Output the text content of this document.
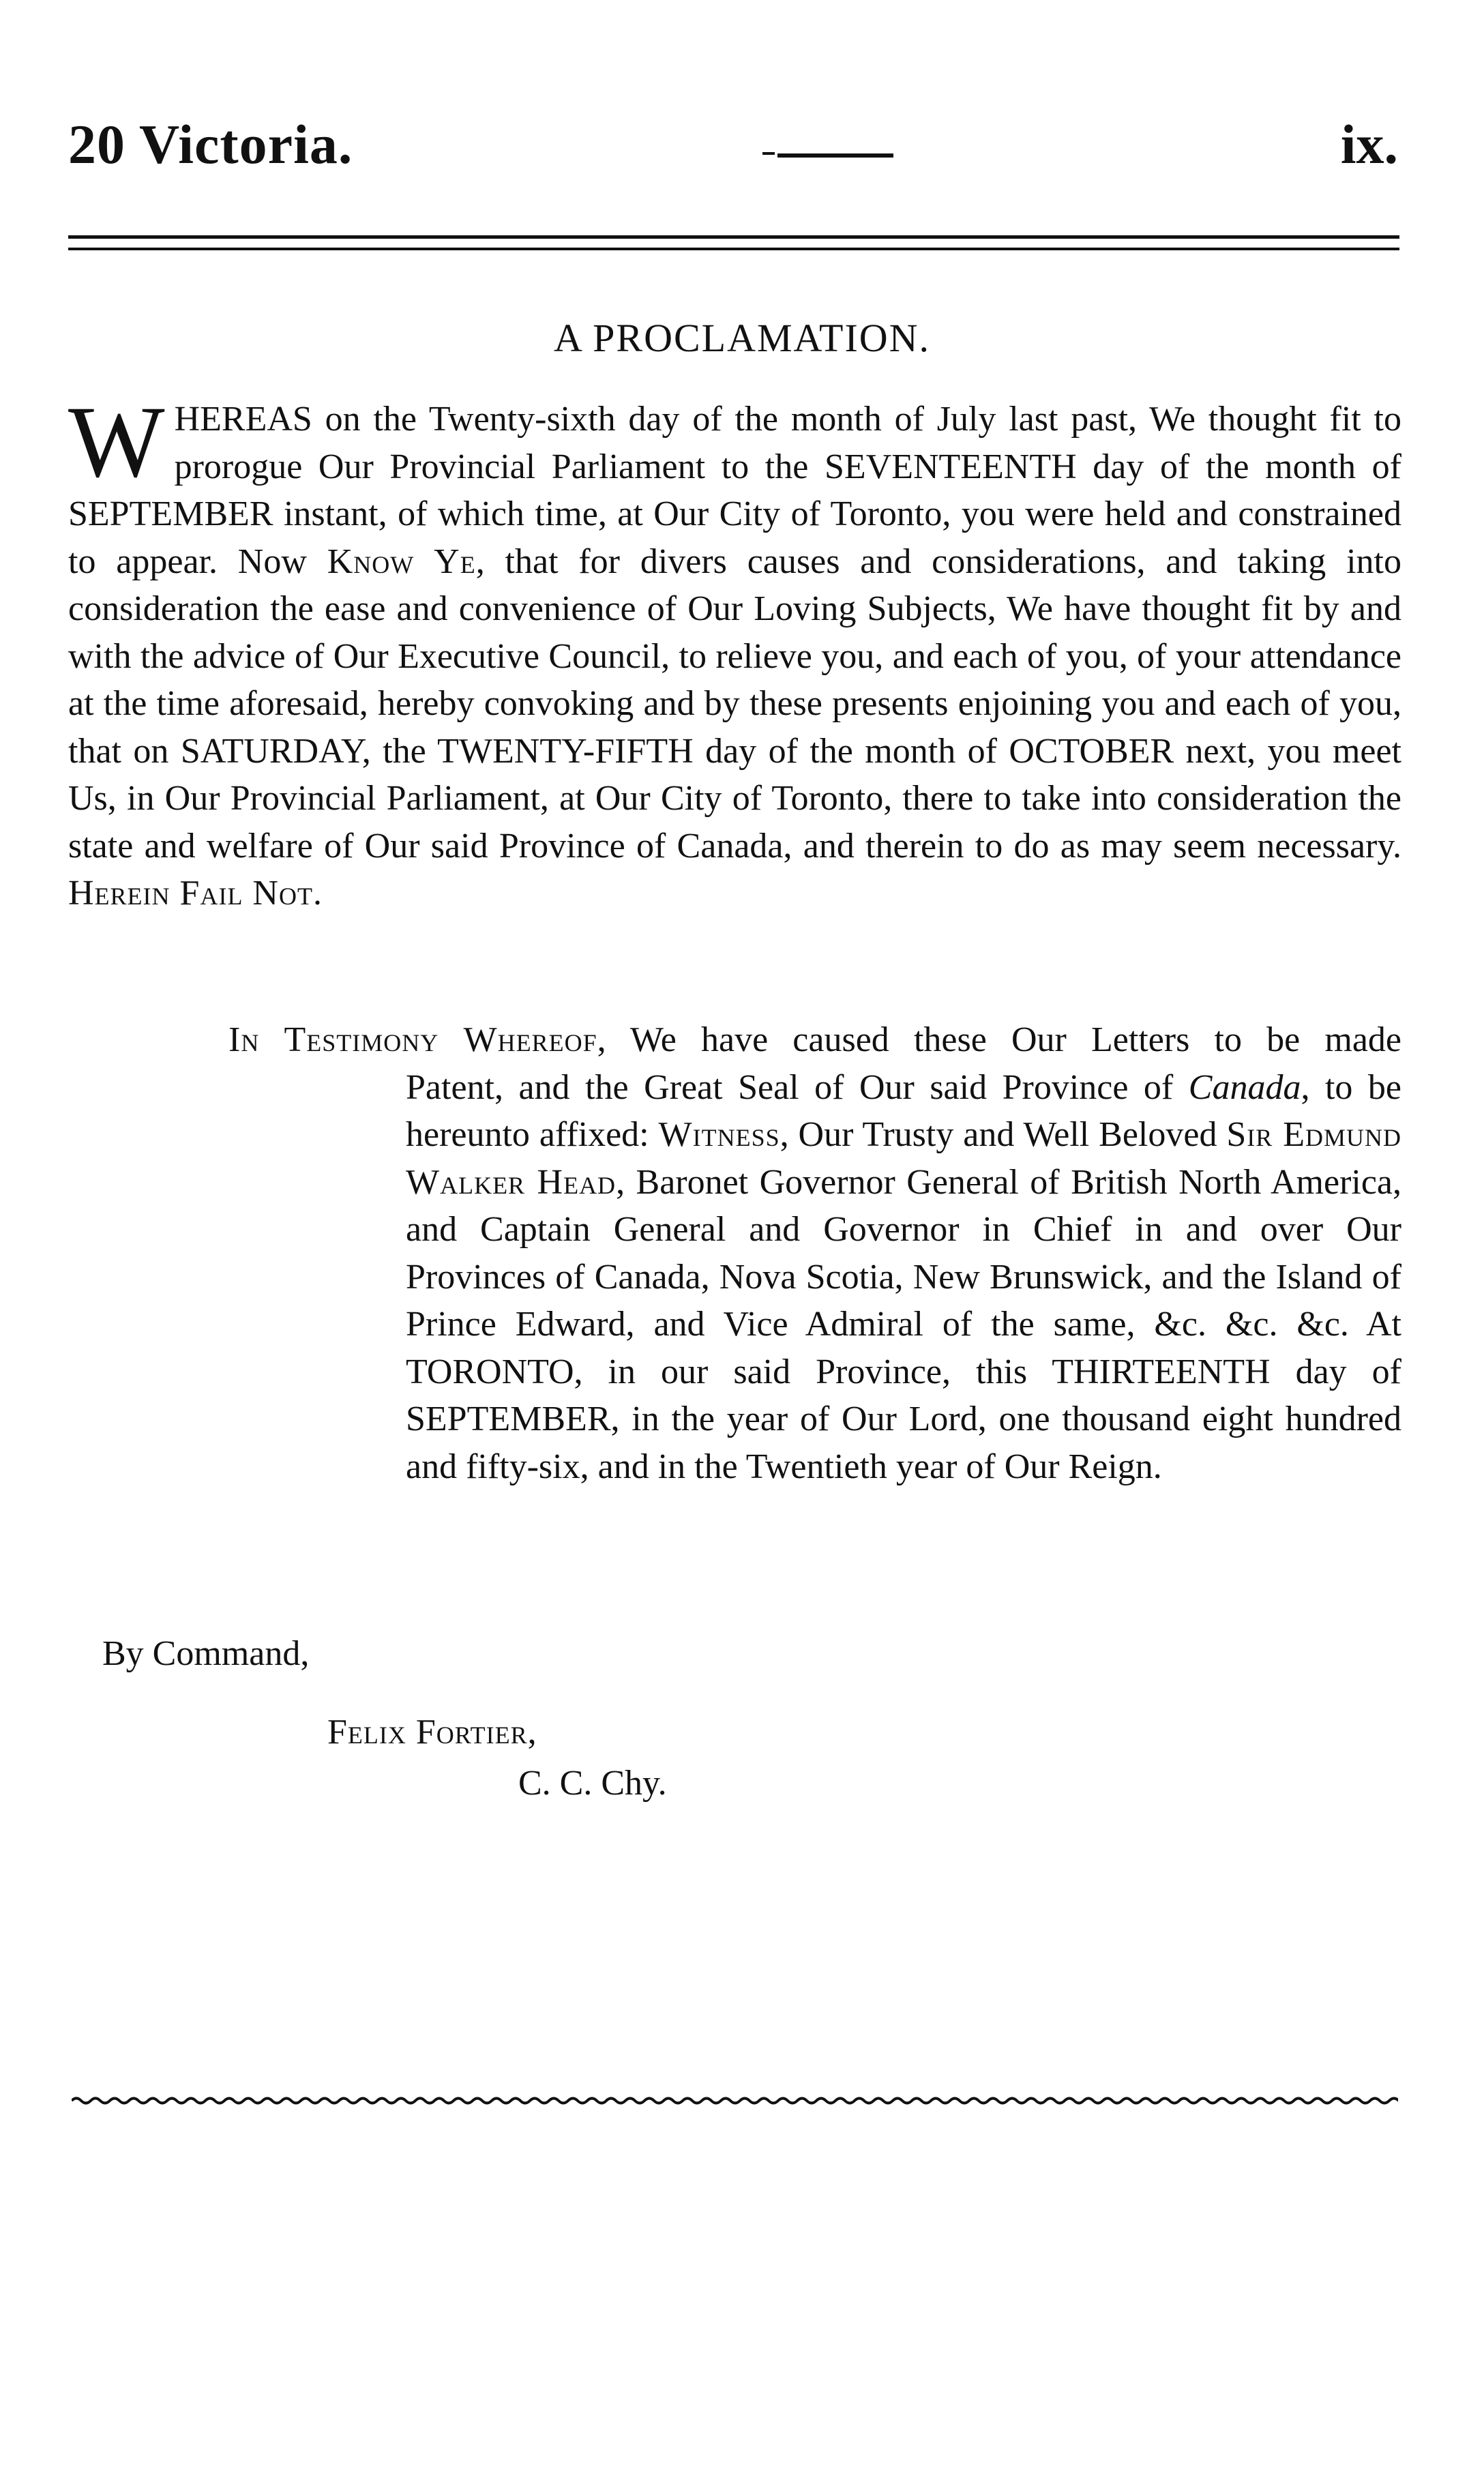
20 Victoria.	ix.
A PROCLAMATION.
WHEREAS on the Twenty-sixth day of the month of July last past, We thought fit to prorogue Our Provincial Parliament to the SEVENTEENTH day of the month of SEPTEMBER instant, of which time, at Our City of Toronto, you were held and constrained to appear. Now Know Ye, that for divers causes and considerations, and taking into consideration the ease and convenience of Our Loving Subjects, We have thought fit by and with the advice of Our Executive Council, to relieve you, and each of you, of your attendance at the time aforesaid, hereby convoking and by these presents enjoining you and each of you, that on SATURDAY, the TWENTY-FIFTH day of the month of OCTOBER next, you meet Us, in Our Provincial Parliament, at Our City of Toronto, there to take into consideration the state and welfare of Our said Province of Canada, and therein to do as may seem necessary. Herein Fail Not.
In Testimony Whereof, We have caused these Our Letters to be made
Patent, and the Great Seal of Our said Province of Canada, to be hereunto affixed: Witness, Our Trusty and Well Beloved Sir Edmund Walker Head, Baronet Governor General of British North America, and Captain General and Governor in Chief in and over Our Provinces of Canada, Nova Scotia, New Brunswick, and the Island of Prince Edward, and Vice Admiral of the same, &c. &c. &c. At TORONTO, in our said Province, this THIRTEENTH day of SEPTEMBER, in the year of Our Lord, one thousand eight hundred and fifty-six, and in the Twentieth year of Our Reign.
By Command,
Felix Fortier,
C. C. Chy.
